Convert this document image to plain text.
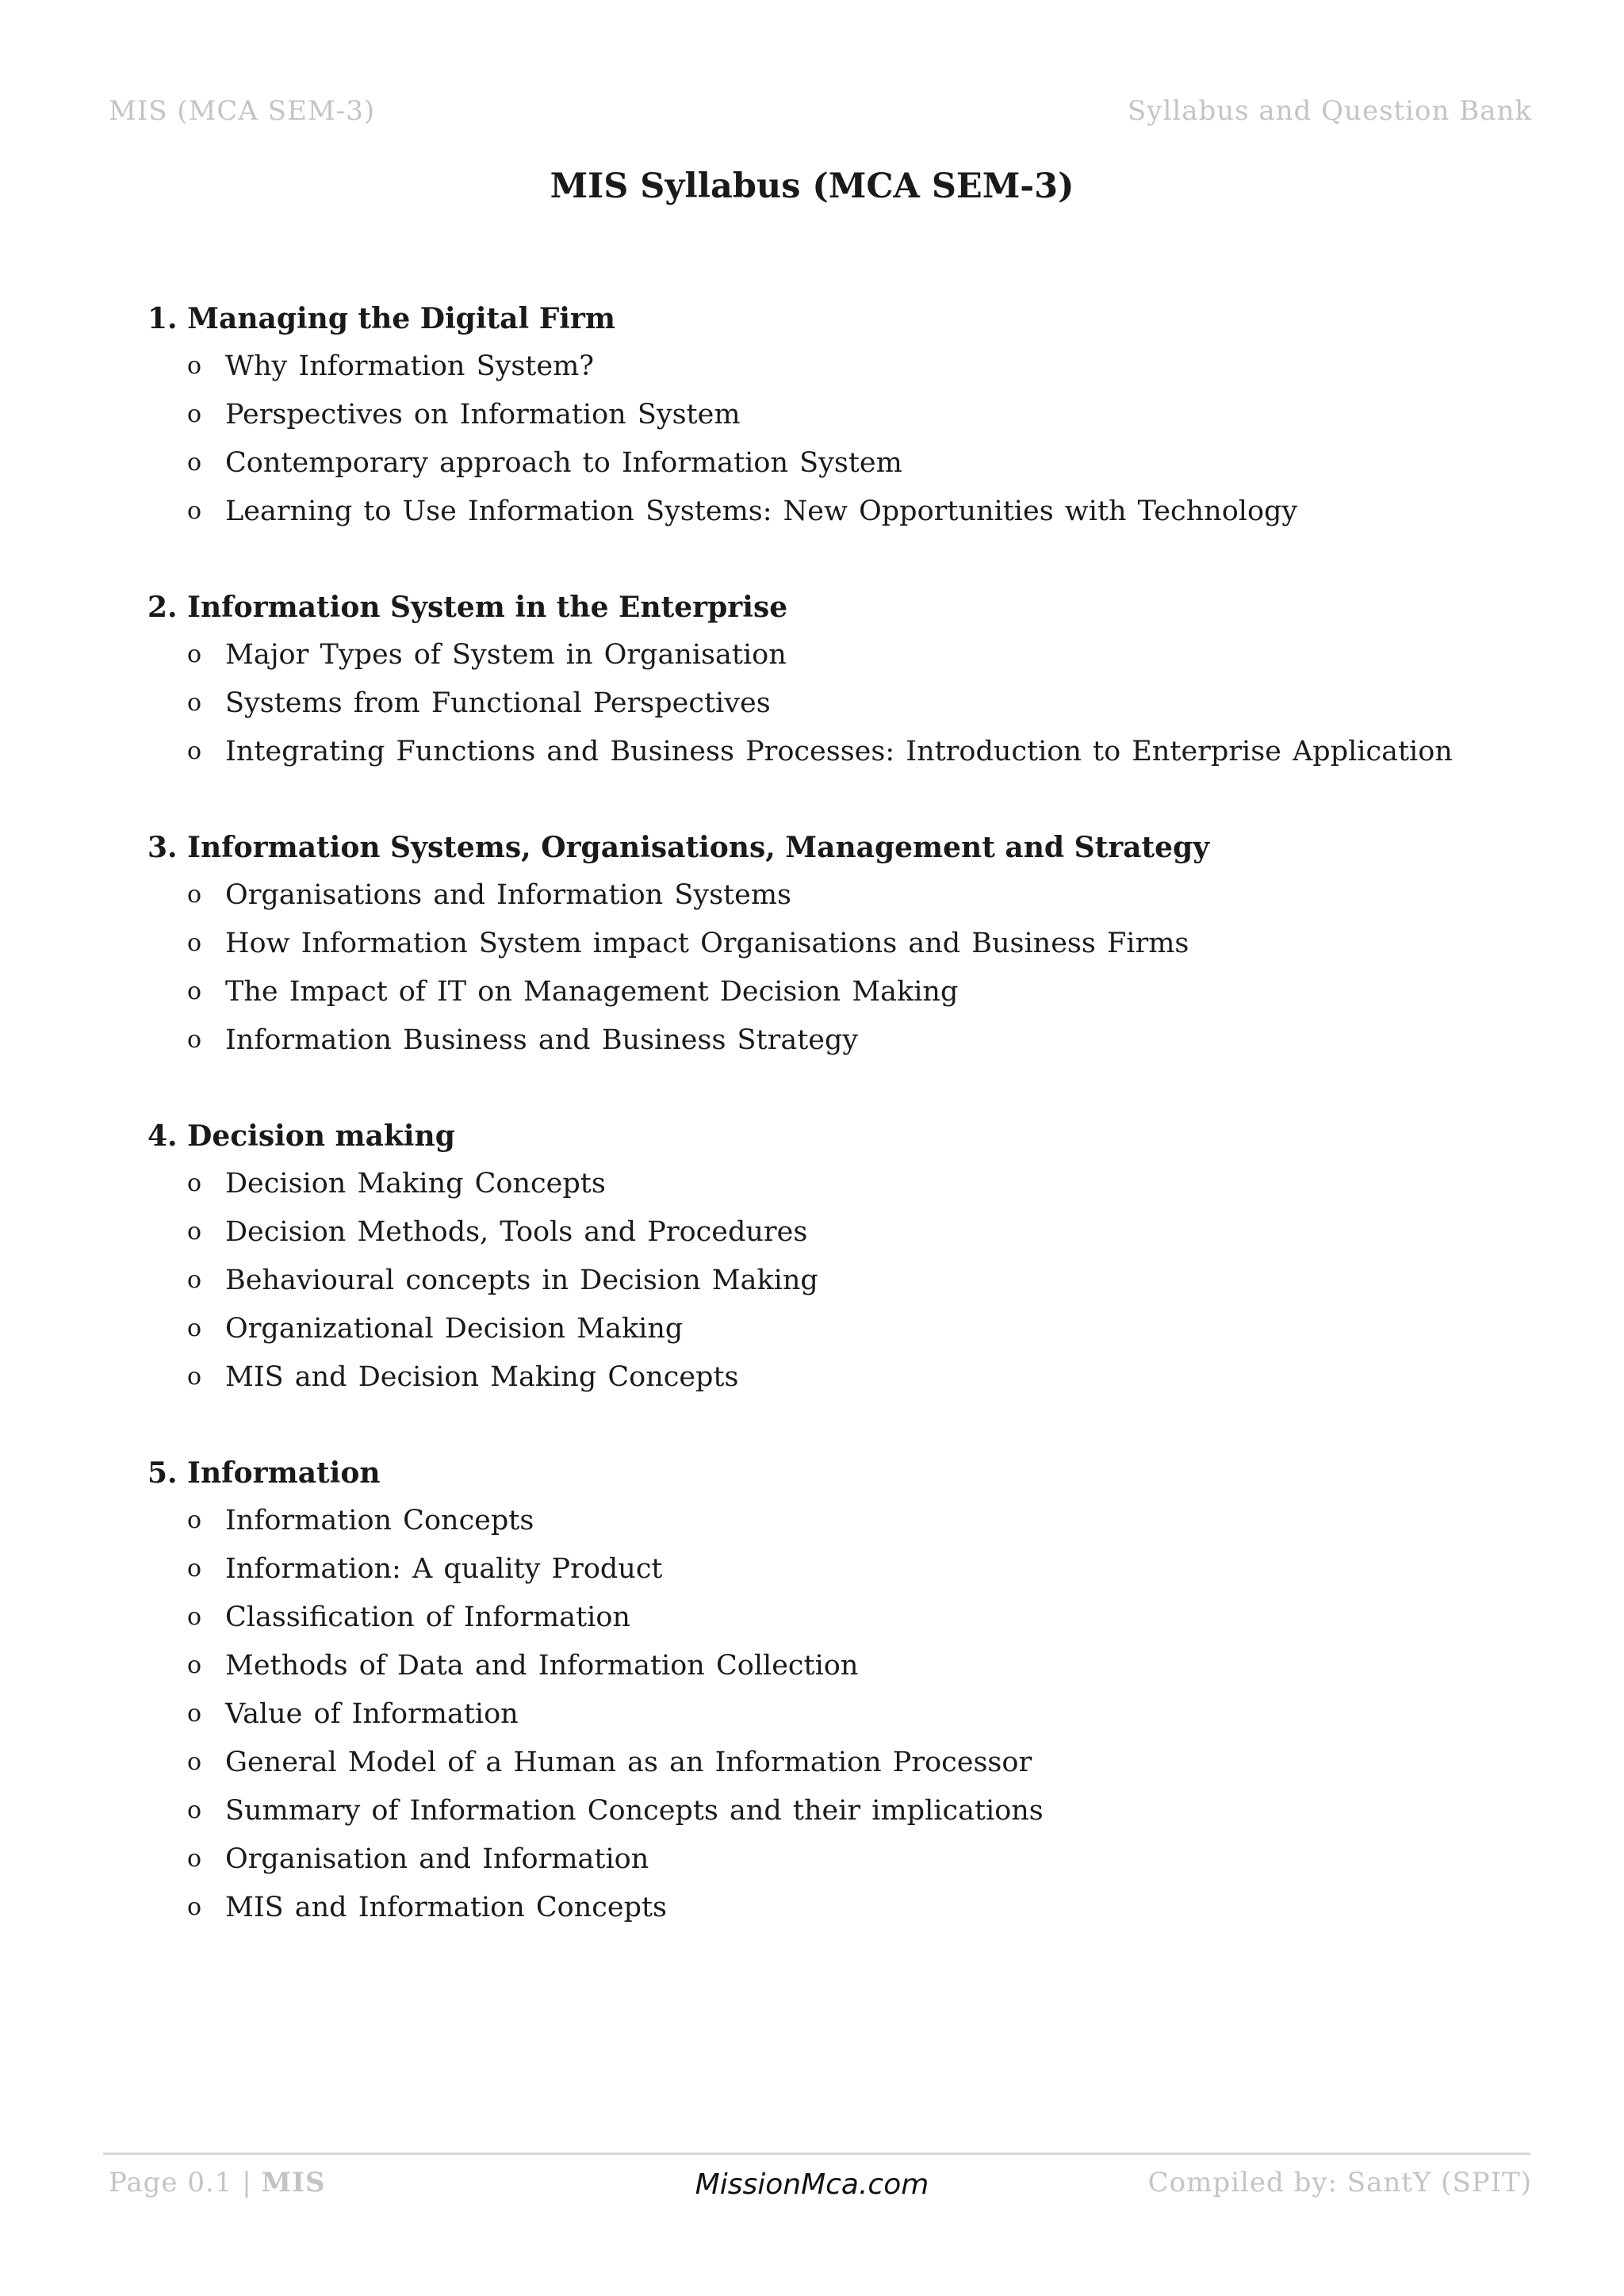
MIS (MCA SEM-3)	Syllabus and Question Bank
MIS Syllabus (MCA SEM-3)
1. Managing the Digital Firm
o Why Information System?
o Perspectives on Information System
o Contemporary approach to Information System
o Learning to Use Information Systems: New Opportunities with Technology
2. Information System in the Enterprise
o Major Types of System in Organisation
o Systems from Functional Perspectives
o Integrating Functions and Business Processes: Introduction to Enterprise Application
3. Information Systems, Organisations, Management and Strategy
o Organisations and Information Systems
o How Information System impact Organisations and Business Firms
o The Impact of IT on Management Decision Making
o Information Business and Business Strategy
4. Decision making
o Decision Making Concepts
o Decision Methods, Tools and Procedures
o Behavioural concepts in Decision Making
o Organizational Decision Making
o MIS and Decision Making Concepts
5. Information
o Information Concepts
o Information: A quality Product
o Classification of Information
o Methods of Data and Information Collection
o Value of Information
o General Model of a Human as an Information Processor
o Summary of Information Concepts and their implications
o Organisation and Information
o MIS and Information Concepts
Page 0.1 | MIS	MissionMca.com	Compiled by: SantY (SPIT)
